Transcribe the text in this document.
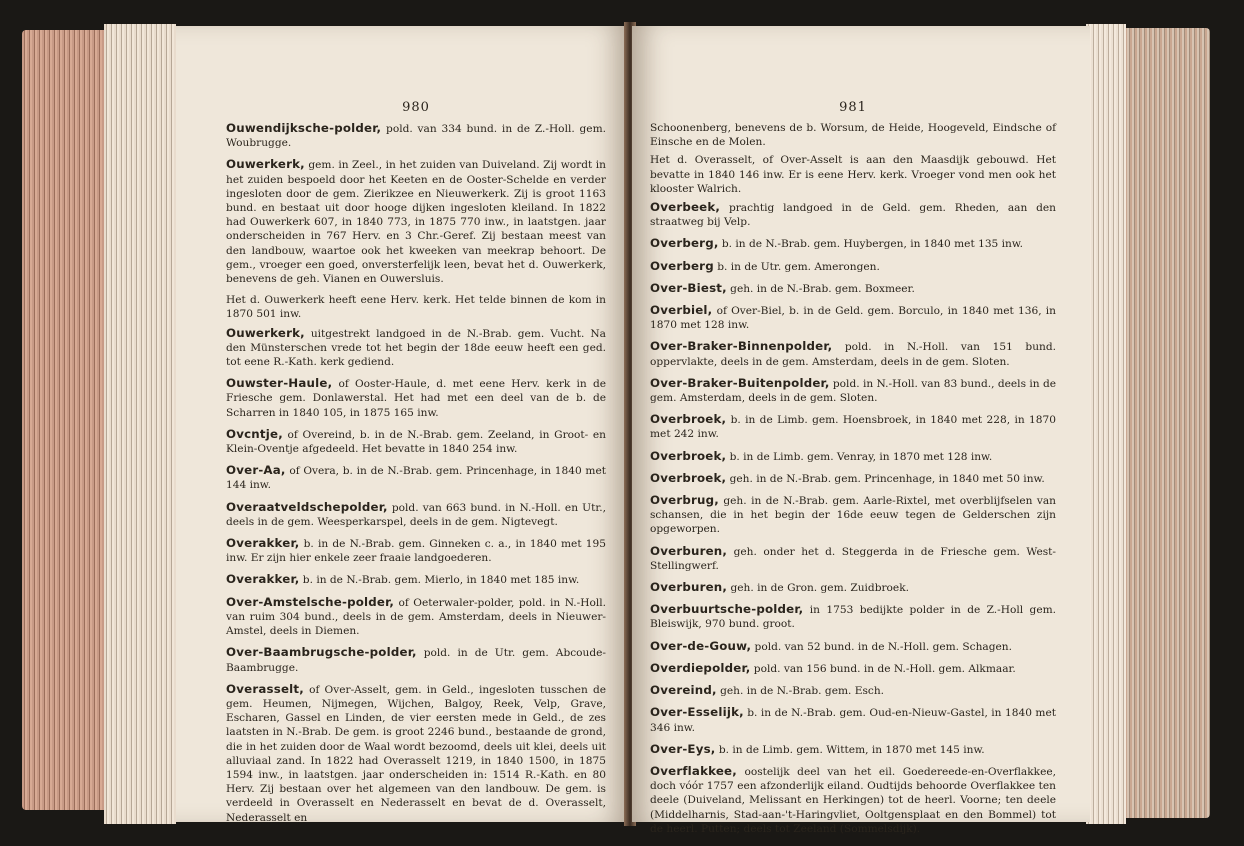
980

Ouwendijksche-polder, pold. van 334 bund. in de Z.-Holl. gem. Woubrugge.

Ouwerkerk, gem. in Zeel., in het zuiden van Duiveland. Zij wordt in het zuiden bespoeld door het Keeten en de Ooster-Schelde en verder ingesloten door de gem. Zierikzee en Nieuwerkerk. Zij is groot 1163 bund. en bestaat uit door hooge dijken ingesloten kleiland. In 1822 had Ouwerkerk 607, in 1840 773, in 1875 770 inw., in laatstgen. jaar onderscheiden in 767 Herv. en 3 Chr.-Geref. Zij bestaan meest van den landbouw, waartoe ook het kweeken van meekrap behoort. De gem., vroeger een goed, onversterfelijk leen, bevat het d. Ouwerkerk, benevens de geh. Vianen en Ouwersluis.

Het d. Ouwerkerk heeft eene Herv. kerk. Het telde binnen de kom in 1870 501 inw.

Ouwerkerk, uitgestrekt landgoed in de N.-Brab. gem. Vucht. Na den Münsterschen vrede tot het begin der 18de eeuw heeft een ged. tot eene R.-Kath. kerk gediend.

Ouwster-Haule, of Ooster-Haule, d. met eene Herv. kerk in de Friesche gem. Donlawerstal. Het had met een deel van de b. de Scharren in 1840 105, in 1875 165 inw.

Ovcntje, of Overeind, b. in de N.-Brab. gem. Zeeland, in Groot- en Klein-Oventje afgedeeld. Het bevatte in 1840 254 inw.

Over-Aa, of Overa, b. in de N.-Brab. gem. Princenhage, in 1840 met 144 inw.

Overaatveldschepolder, pold. van 663 bund. in N.-Holl. en Utr., deels in de gem. Weesperkarspel, deels in de gem. Nigtevegt.

Overakker, b. in de N.-Brab. gem. Ginneken c. a., in 1840 met 195 inw. Er zijn hier enkele zeer fraaie landgoederen.

Overakker, b. in de N.-Brab. gem. Mierlo, in 1840 met 185 inw.

Over-Amstelsche-polder, of Oeterwaler-polder, pold. in N.-Holl. van ruim 304 bund., deels in de gem. Amsterdam, deels in Nieuwer-Amstel, deels in Diemen.

Over-Baambrugsche-polder, pold. in de Utr. gem. Abcoude-Baambrugge.

Overasselt, of Over-Asselt, gem. in Geld., ingesloten tusschen de gem. Heumen, Nijmegen, Wijchen, Balgoy, Reek, Velp, Grave, Escharen, Gassel en Linden, de vier eersten mede in Geld., de zes laatsten in N.-Brab. De gem. is groot 2246 bund., bestaande de grond, die in het zuiden door de Waal wordt bezoomd, deels uit klei, deels uit alluviaal zand. In 1822 had Overasselt 1219, in 1840 1500, in 1875 1594 inw., in laatstgen. jaar onderscheiden in: 1514 R.-Kath. en 80 Herv. Zij bestaan over het algemeen van den landbouw. De gem. is verdeeld in Overasselt en Nederasselt en bevat de d. Overasselt, Nederasselt en

981

Schoonenberg, benevens de b. Worsum, de Heide, Hoogeveld, Eindsche of Einsche en de Molen.

Het d. Overasselt, of Over-Asselt is aan den Maasdijk gebouwd. Het bevatte in 1840 146 inw. Er is eene Herv. kerk. Vroeger vond men ook het klooster Walrich.

Overbeek, prachtig landgoed in de Geld. gem. Rheden, aan den straatweg bij Velp.

Overberg, b. in de N.-Brab. gem. Huybergen, in 1840 met 135 inw.

Overberg b. in de Utr. gem. Amerongen.

Over-Biest, geh. in de N.-Brab. gem. Boxmeer.

Overbiel, of Over-Biel, b. in de Geld. gem. Borculo, in 1840 met 136, in 1870 met 128 inw.

Over-Braker-Binnenpolder, pold. in N.-Holl. van 151 bund. oppervlakte, deels in de gem. Amsterdam, deels in de gem. Sloten.

Over-Braker-Buitenpolder, pold. in N.-Holl. van 83 bund., deels in de gem. Amsterdam, deels in de gem. Sloten.

Overbroek, b. in de Limb. gem. Hoensbroek, in 1840 met 228, in 1870 met 242 inw.

Overbroek, b. in de Limb. gem. Venray, in 1870 met 128 inw.

Overbroek, geh. in de N.-Brab. gem. Princenhage, in 1840 met 50 inw.

Overbrug, geh. in de N.-Brab. gem. Aarle-Rixtel, met overblijfselen van schansen, die in het begin der 16de eeuw tegen de Gelderschen zijn opgeworpen.

Overburen, geh. onder het d. Steggerda in de Friesche gem. West-Stellingwerf.

Overburen, geh. in de Gron. gem. Zuidbroek.

Overbuurtsche-polder, in 1753 bedijkte polder in de Z.-Holl gem. Bleiswijk, 970 bund. groot.

Over-de-Gouw, pold. van 52 bund. in de N.-Holl. gem. Schagen.

Overdiepolder, pold. van 156 bund. in de N.-Holl. gem. Alkmaar.

Overeind, geh. in de N.-Brab. gem. Esch.

Over-Esselijk, b. in de N.-Brab. gem. Oud-en-Nieuw-Gastel, in 1840 met 346 inw.

Over-Eys, b. in de Limb. gem. Wittem, in 1870 met 145 inw.

Overflakkee, oostelijk deel van het eil. Goedereede-en-Overflakkee, doch vóór 1757 een afzonderlijk eiland. Oudtijds behoorde Overflakkee ten deele (Duiveland, Melissant en Herkingen) tot de heerl. Voorne; ten deele (Middelharnis, Stad-aan-'t-Haringvliet, Ooltgensplaat en den Bommel) tot de heerl. Putten; deels tot Zeeland (Sommelsdijk).
